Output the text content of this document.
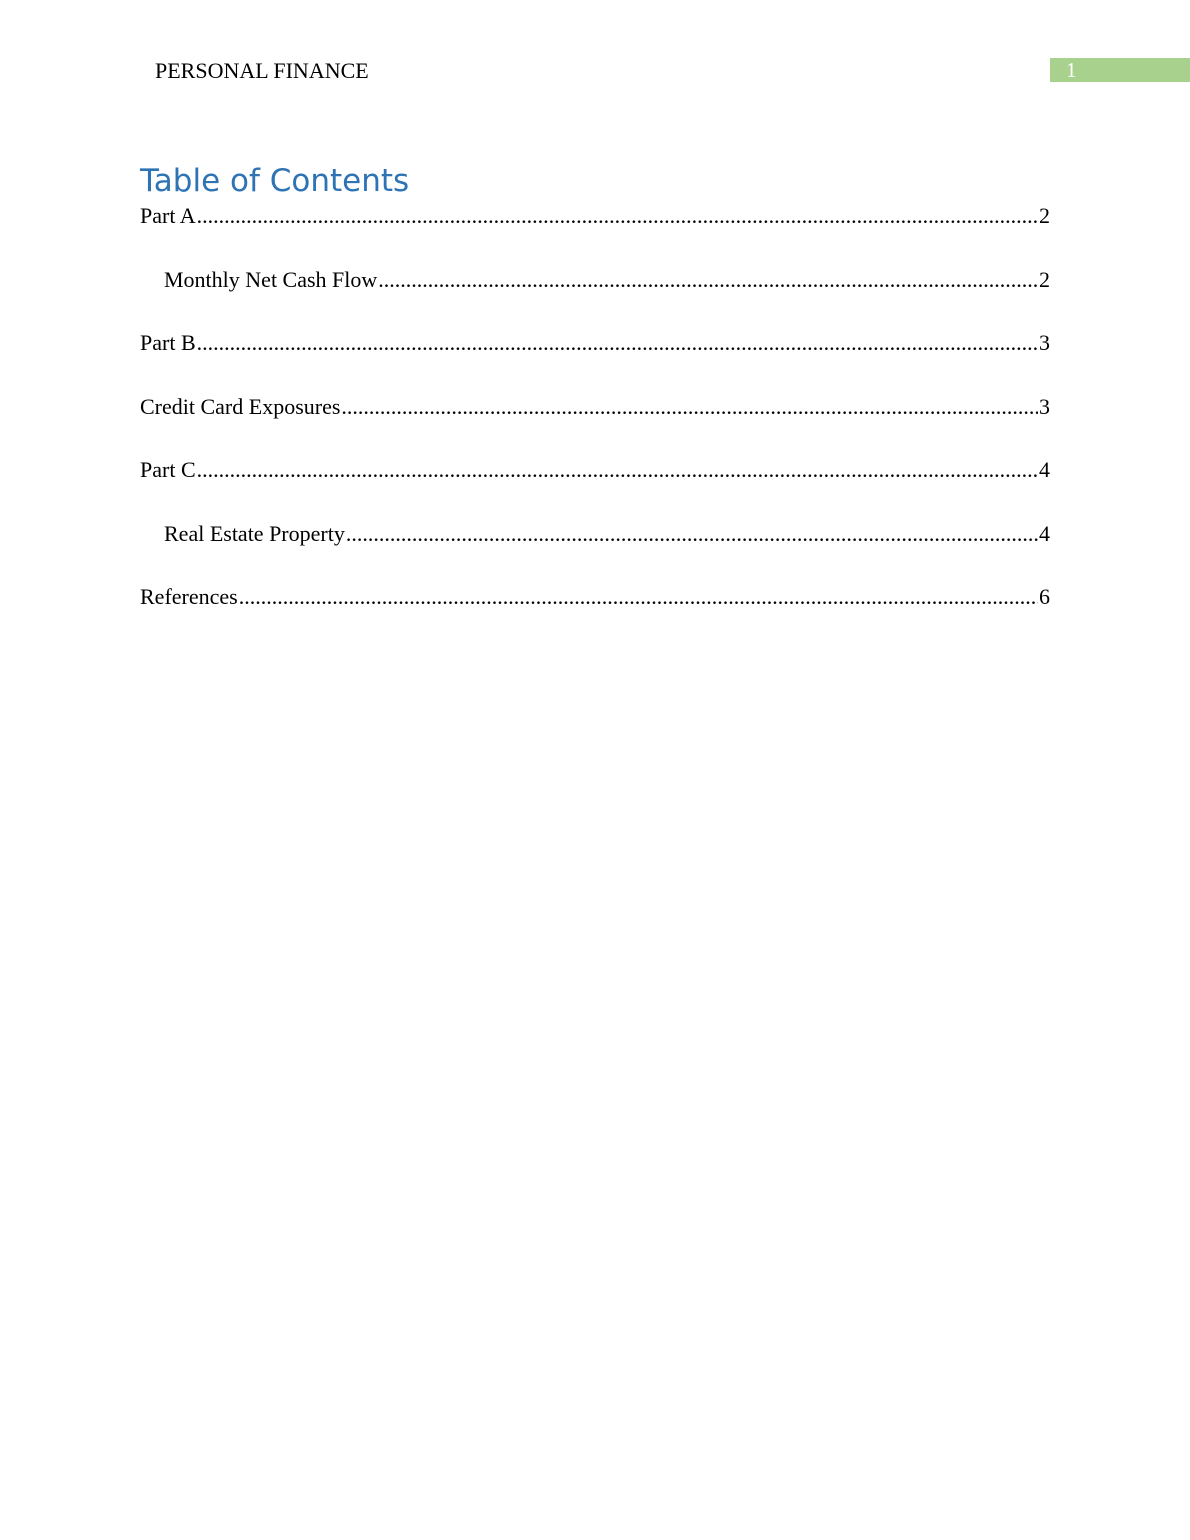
PERSONAL FINANCE	1
Table of Contents
Part A .....	2
Monthly Net Cash Flow .....	2
Part B .....	3
Credit Card Exposures .....	3
Part C .....	4
Real Estate Property .....	4
References .....	6
